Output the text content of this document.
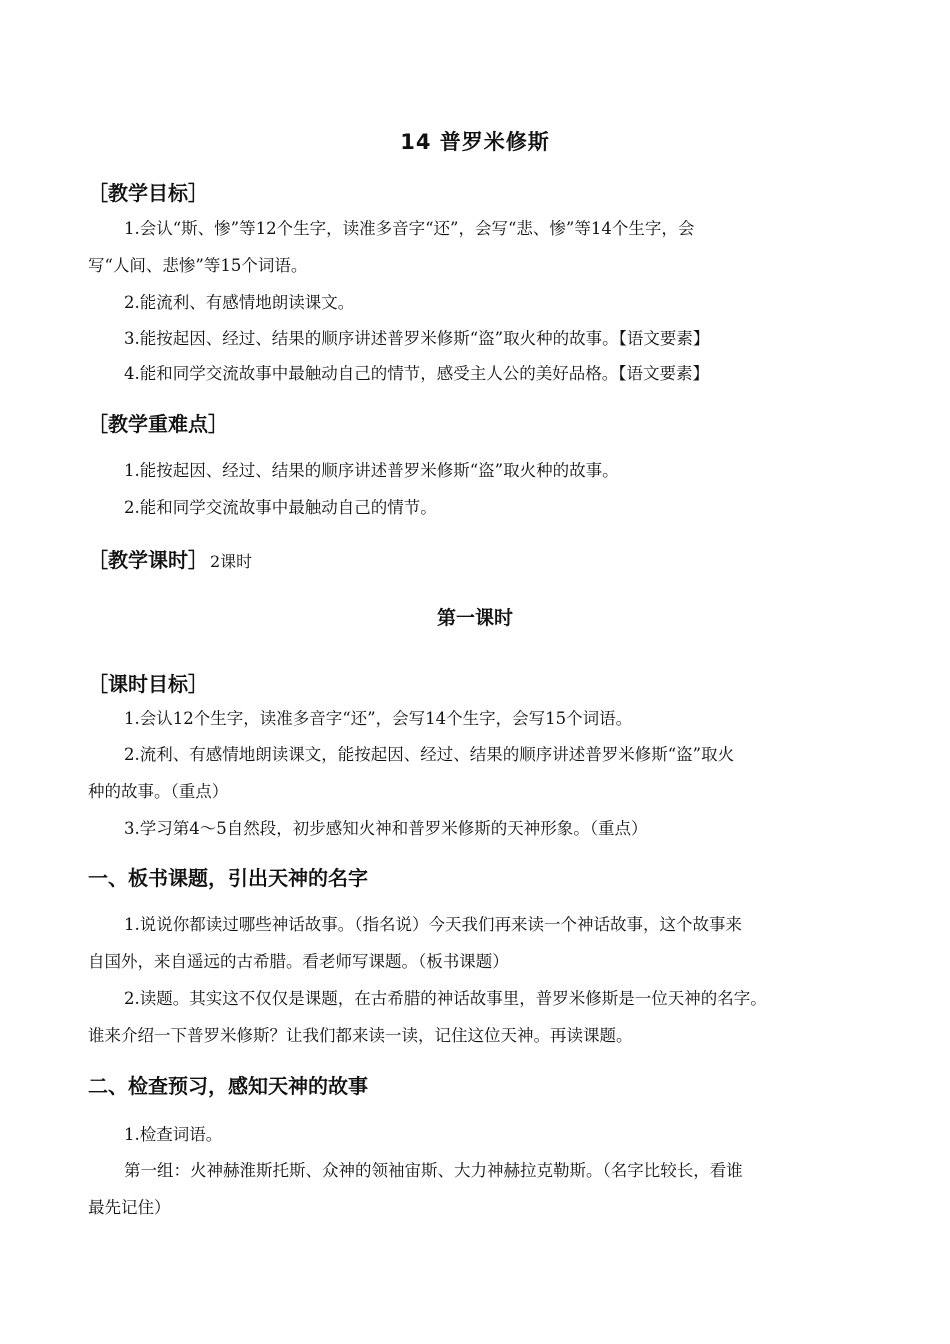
14 普罗米修斯
［教学目标］
1.会认“斯、惨”等12个生字，读准多音字“还”，会写“悲、惨”等14个生字，会
写“人间、悲惨”等15个词语。
2.能流利、有感情地朗读课文。
3.能按起因、经过、结果的顺序讲述普罗米修斯“盗”取火种的故事。【语文要素】
4.能和同学交流故事中最触动自己的情节，感受主人公的美好品格。【语文要素】
［教学重难点］
1.能按起因、经过、结果的顺序讲述普罗米修斯“盗”取火种的故事。
2.能和同学交流故事中最触动自己的情节。
［教学课时］ 2课时
第一课时
［课时目标］
1.会认12个生字，读准多音字“还”，会写14个生字，会写15个词语。
2.流利、有感情地朗读课文，能按起因、经过、结果的顺序讲述普罗米修斯“盗”取火
种的故事。（重点）
3.学习第4～5自然段，初步感知火神和普罗米修斯的天神形象。（重点）
一、板书课题，引出天神的名字
1.说说你都读过哪些神话故事。（指名说）今天我们再来读一个神话故事，这个故事来
自国外，来自遥远的古希腊。看老师写课题。（板书课题）
2.读题。其实这不仅仅是课题，在古希腊的神话故事里，普罗米修斯是一位天神的名字。
谁来介绍一下普罗米修斯？让我们都来读一读，记住这位天神。再读课题。
二、检查预习，感知天神的故事
1.检查词语。
第一组：火神赫淮斯托斯、众神的领袖宙斯、大力神赫拉克勒斯。（名字比较长，看谁
最先记住）
